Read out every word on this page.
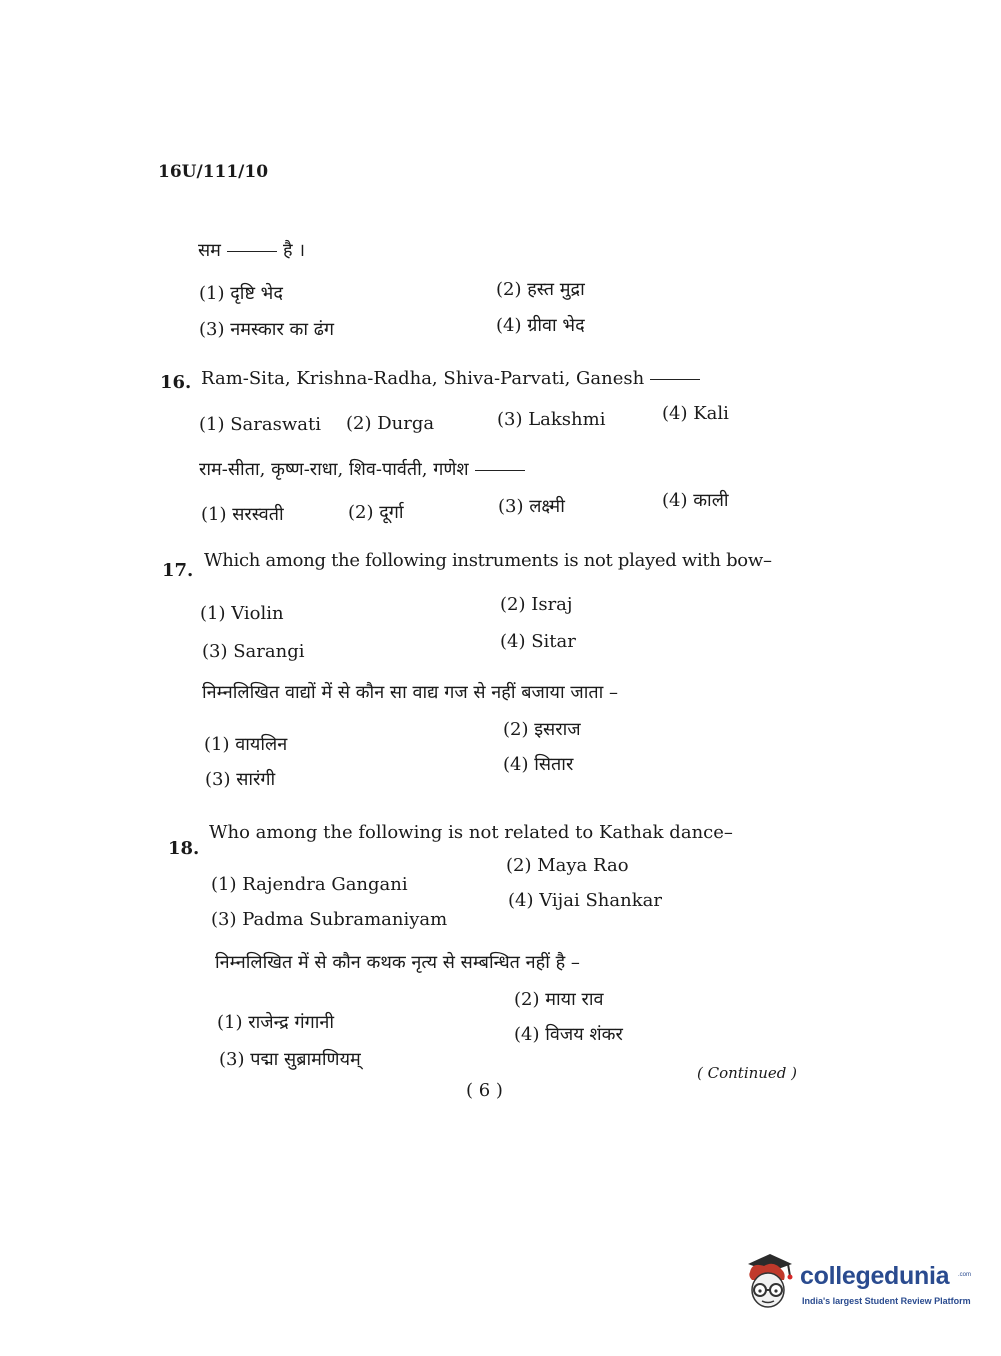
16U/111/10
सम	है ।
(1) दृष्टि भेद	(2) हस्त मुद्रा
(3) नमस्कार का ढंग	(4) ग्रीवा भेद
16. Ram-Sita, Krishna-Radha, Shiva-Parvati, Ganesh
(1) Saraswati (2) Durga	(3) Lakshmi	(4) Kali
राम-सीता, कृष्ण-राधा, शिव-पार्वती, गणेश
(1) सरस्वती	(2) दूर्गा	(3) लक्ष्मी	(4) काली
17. Which among the following instruments is not played with bow–
(1) Violin	(2) Israj
(3) Sarangi	(4) Sitar
निम्नलिखित वाद्यों में से कौन सा वाद्य गज से नहीं बजाया जाता –
(1) वायलिन
(2) इसराज
(3) सारंगी
(4) सितार
18.
Who among the following is not related to Kathak dance–
(1) Rajendra Gangani
(2) Maya Rao
(3) Padma Subramaniyam
(4) Vijai Shankar
निम्नलिखित में से कौन कथक नृत्य से सम्बन्धित नहीं है –
(1) राजेन्द्र गंगानी
(2) माया राव
(3) पद्मा सुब्रामणियम्
(4) विजय शंकर
( Continued )
( 6 )
collegedunia .com
India's largest Student Review Platform
